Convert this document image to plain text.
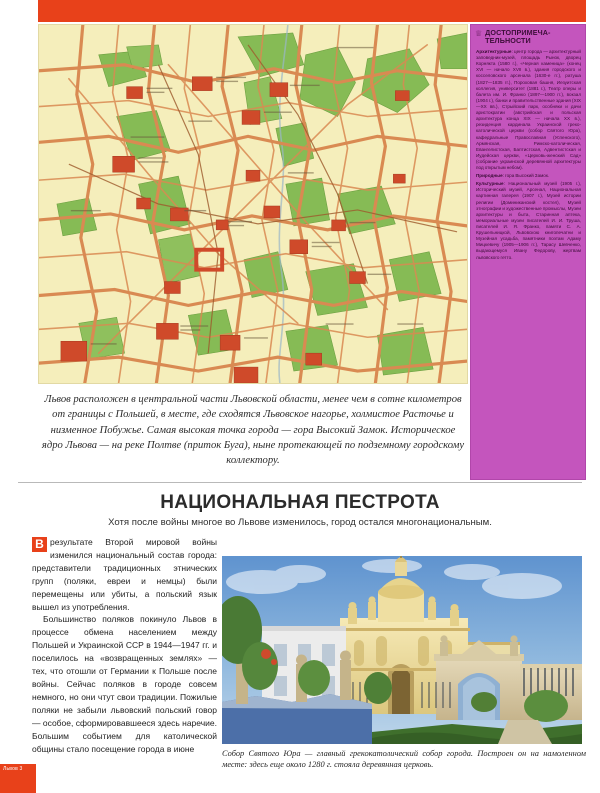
♕ ДОСТОПРИМЕЧА-
ТЕЛЬНОСТИ

Архитектурные: центр города — архитектурный заповедник-музей, площадь Рынок, дворец Корнякта (1580 г.), «Черная каменица» (конец XVI — начало XVII в.), здания городского и косселовского арсенала (1630-е гг.), ратуша (1827—1835 гг.), Пороховая башня, Иезуитская коллегия, университет (1881 г.), Театр оперы и балета им. И. Франко (1897—1900 гг.), вокзал (1904 г.), банки и правительственные здания (XIX—XX вв.), Стрыйский парк, особняки и дачи аристократии (австрийская и польская архитектура конца XIX — начала XX в.), резиденция кардинала Украинской греко-католической церкви (собор Святого Юра), кафедральные Православная (Успенского), Армянская, Римско-католическая, Евангелистская, Баптистская, Адвентистская и Иудейская церкви, «Церковь-женский Сад» (собрание украинской деревянной архитектуры под открытым небом).

Природные: гора Высокий Замок.

Культурные: Национальный музей (1905 г.), Исторический музей, Арсенал, Национальная картинная галерея (1907 г.), Музей истории религии (Доминиканский костел), Музей этнографии и художественные промыслы, Музеи архитектуры и быта, Старинная аптека, мемориальные музеи писателей И. И. Труша, писателей И. Я. Франко, памяти С. А. Крушельницкой, Львовскою книгопечатни и Музейная усадьба, памятники поэтам Адаму Мицкевичу (1905—1906 гг.), Тарасу Шевченко, выдающемуся Ивану Федорову, жертвам львовского гетто.

Львов расположен в центральной части Львовской области, менее чем в сотне километров от границы с Польшей, в месте, где сходятся Львовское нагорье, холмистое Расточье и низменное Побужье. Самая высокая точка города — гора Высокий Замок. Историческое ядро Львова — на реке Полтве (приток Буга), ныне протекающей по подземному городскому коллектору.
НАЦИОНАЛЬНАЯ ПЕСТРОТА
Хотя после войны многое во Львове изменилось, город остался многонациональным.

В результате Второй мировой войны изменился национальный состав города: представители традиционных этнических групп (поляки, евреи и немцы) были перемещены или убиты, а польский язык вышел из употребления.

Большинство поляков покинуло Львов в процессе обмена населением между Польшей и Украинской ССР в 1944—1947 гг. и поселилось на «возвращенных землях» — тех, что отошли от Германии к Польше после войны. Сейчас поляков в городе совсем немного, но они чтут свои традиции. Пожилые поляки не забыли львовский польский говор — особое, сформировавшееся здесь наречие. Большим событием для католической общины стало посещение города в июне	Собор Святого Юра — главный грекокатолический собор города. Построен он на намоленном месте: здесь еще около 1280 г. стояла деревянная церковь.
Львов 3
